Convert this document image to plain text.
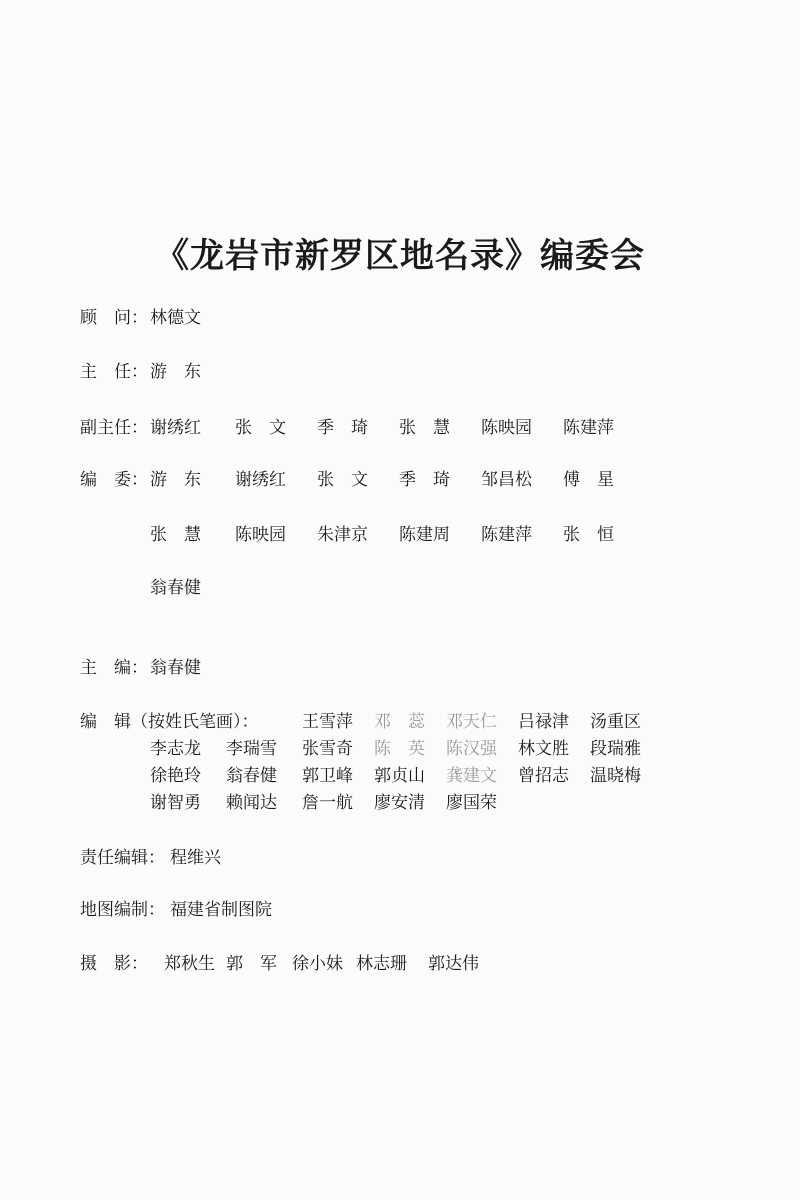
《龙岩市新罗区地名录》编委会
顾　问： 林德文
主　任： 游　东
副主任： 谢绣红 张　文 季　琦 张　慧 陈映园 陈建萍
编　委： 游　东 谢绣红 张　文 季　琦 邹昌松 傅　星
张　慧 陈映园 朱津京 陈建周 陈建萍 张　恒
翁春健
主　编： 翁春健
编　辑（按姓氏笔画）：	王雪萍 邓　蕊 邓天仁 吕禄津 汤重区
李志龙 李瑞雪 张雪奇 陈　英 陈汉强 林文胜 段瑞雅
徐艳玲 翁春健 郭卫峰 郭贞山 龚建文 曾招志 温晓梅
谢智勇 赖闻达 詹一航 廖安清 廖国荣
责任编辑： 程维兴
地图编制： 福建省制图院
摄　影： 郑秋生 郭　军 徐小妹 林志珊 郭达伟
